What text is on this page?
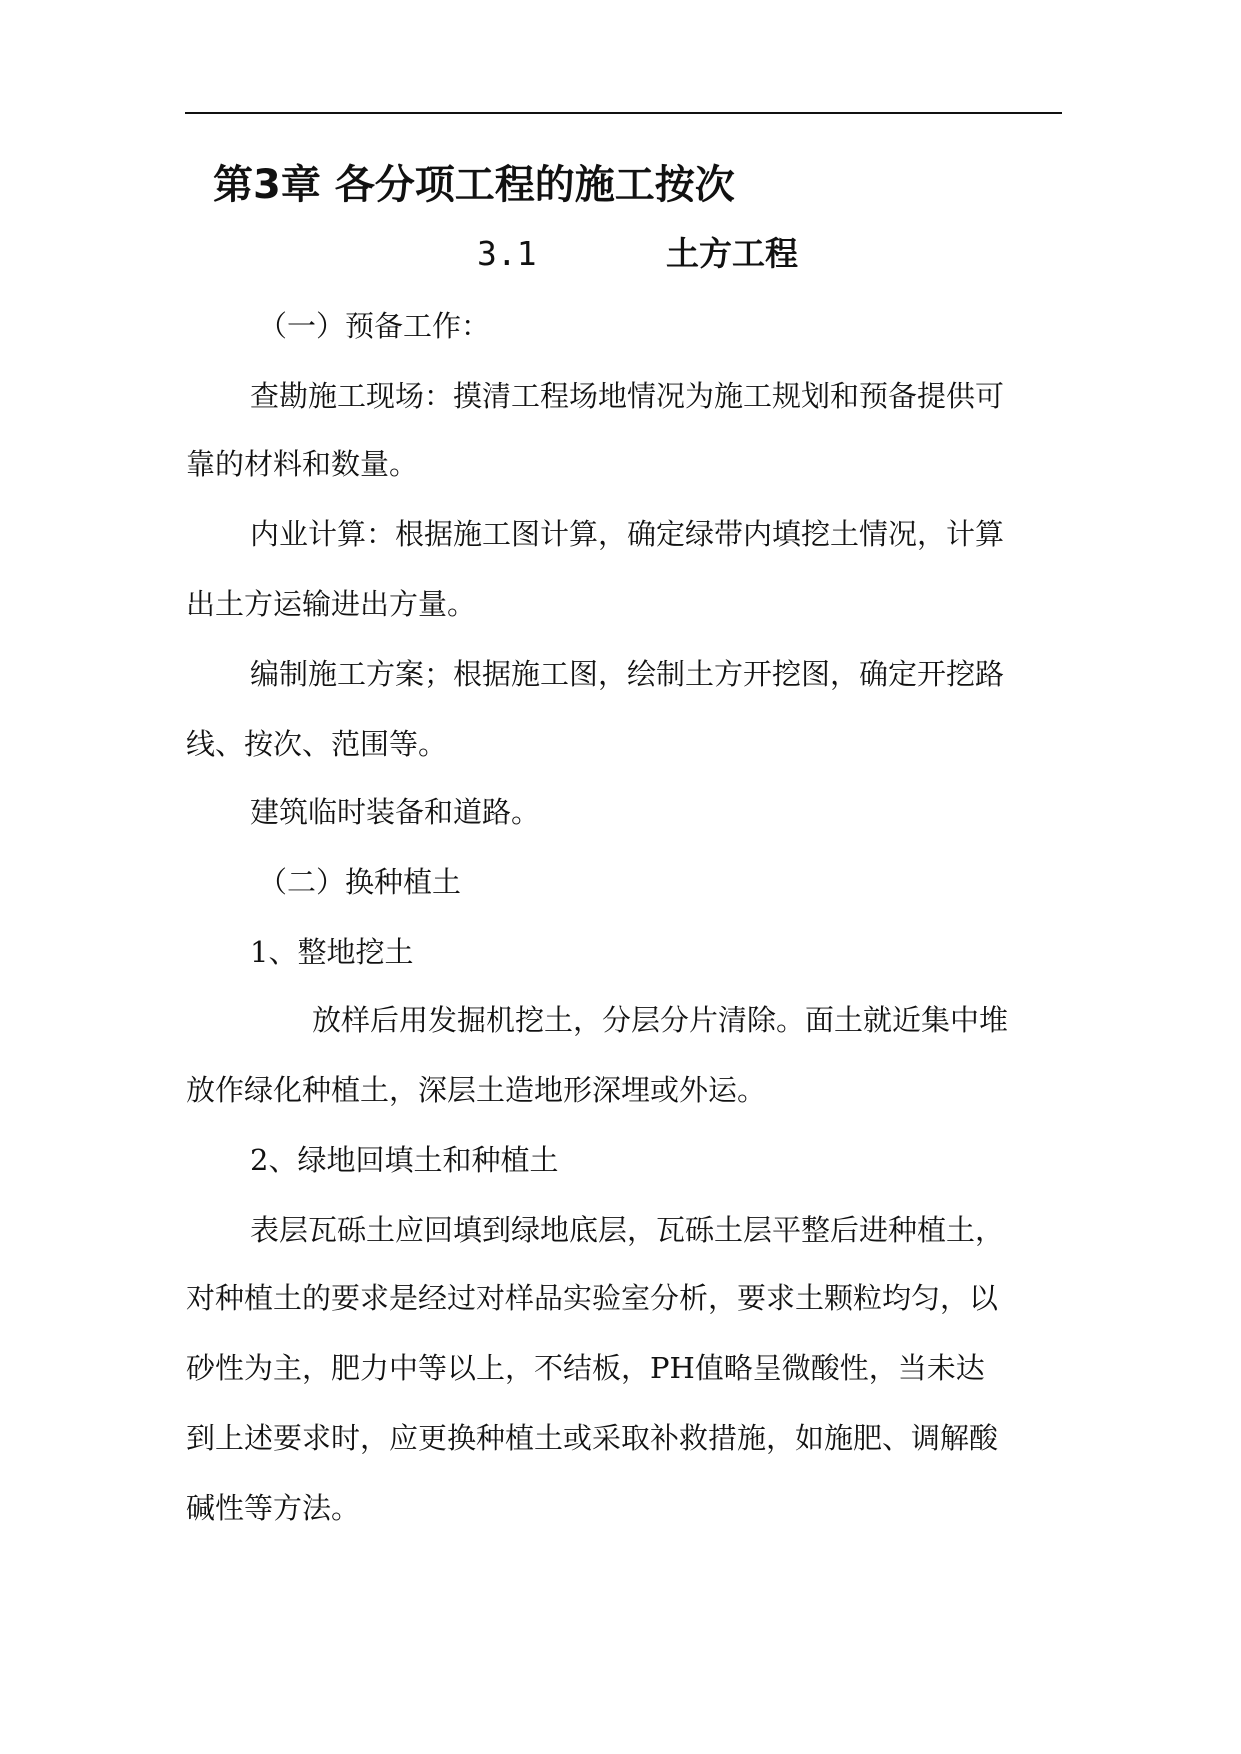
第3章 各分项工程的施工按次
3.1	土方工程
（一）预备工作：
查勘施工现场：摸清工程场地情况为施工规划和预备提供可
靠的材料和数量。
内业计算：根据施工图计算，确定绿带内填挖土情况，计算
出土方运输进出方量。
编制施工方案；根据施工图，绘制土方开挖图，确定开挖路
线、按次、范围等。
建筑临时装备和道路。
（二）换种植土
1、整地挖土
放样后用发掘机挖土，分层分片清除。面土就近集中堆
放作绿化种植土，深层土造地形深埋或外运。
2、绿地回填土和种植土
表层瓦砾土应回填到绿地底层，瓦砾土层平整后进种植土，
对种植土的要求是经过对样品实验室分析，要求土颗粒均匀，以
砂性为主，肥力中等以上，不结板，PH值略呈微酸性，当未达
到上述要求时，应更换种植土或采取补救措施，如施肥、调解酸
碱性等方法。
